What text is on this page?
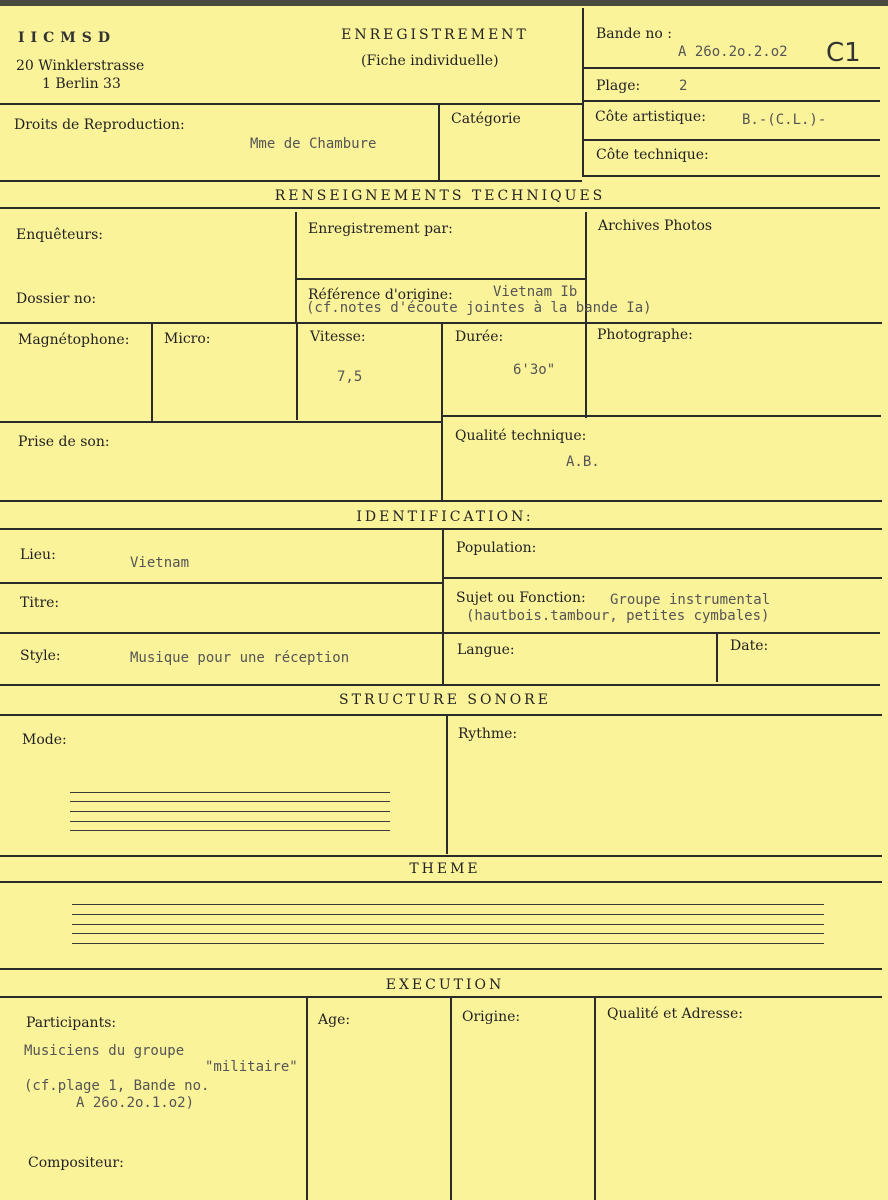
IICMSD
20 Winklerstrasse
1 Berlin 33
ENREGISTREMENT
(Fiche individuelle)
Bande no :
A 26o.2o.2.o2 C1
Plage:	2
Droits de Reproduction:
Mme de Chambure
Catégorie	Côte artistique:	B.-(C.L.)-
Côte technique:
RENSEIGNEMENTS TECHNIQUES
Enquêteurs:	Enregistrement par:	Archives Photos
Dossier no:	Référence d'origine:	Vietnam Ib
(cf.notes d'écoute jointes à la bande Ia)
Magnétophone: Micro:	Vitesse:
7,5
Durée:
6'3o"
Photographe:
Prise de son:	Qualité technique:
A.B.
IDENTIFICATION:
Lieu:	Vietnam
Population:
Titre:	Sujet ou Fonction: Groupe instrumental
(hautbois.tambour, petites cymbales)
Style:	Musique pour une réception	Langue:	Date:
STRUCTURE SONORE
Mode:	Rythme:
THEME
EXECUTION
Participants:
Musiciens du groupe
"militaire"
(cf.plage 1, Bande no.
A 26o.2o.1.o2)
Age:	Origine:	Qualité et Adresse:
Compositeur:
